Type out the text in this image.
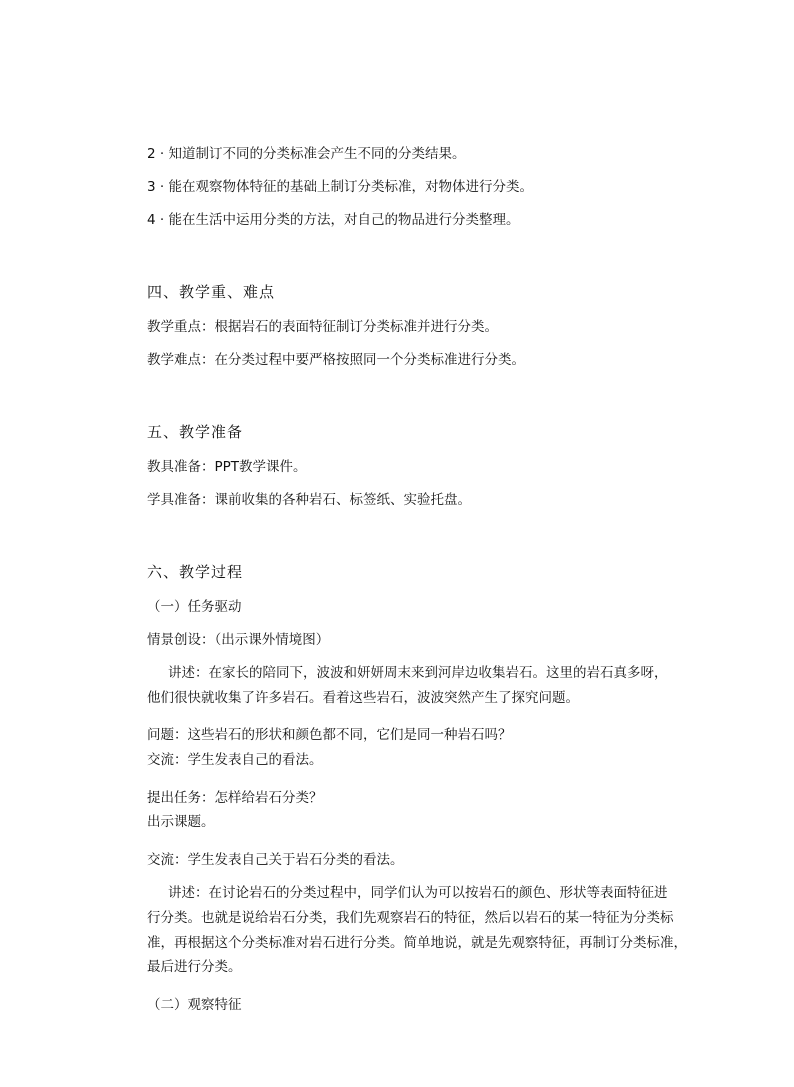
2 · 知道制订不同的分类标准会产生不同的分类结果。

3 · 能在观察物体特征的基础上制订分类标准，对物体进行分类。

4 · 能在生活中运用分类的方法，对自己的物品进行分类整理。

四、教学重、难点

教学重点：根据岩石的表面特征制订分类标准并进行分类。

教学难点：在分类过程中要严格按照同一个分类标准进行分类。

五、教学准备

教具准备：PPT教学课件。

学具准备：课前收集的各种岩石、标签纸、实验托盘。

六、教学过程

（一）任务驱动

情景创设：（出示课外情境图）

讲述：在家长的陪同下，波波和妍妍周末来到河岸边收集岩石。这里的岩石真多呀，

他们很快就收集了许多岩石。看着这些岩石，波波突然产生了探究问题。

问题：这些岩石的形状和颜色都不同，它们是同一种岩石吗？

交流：学生发表自己的看法。

提出任务：怎样给岩石分类？

出示课题。

交流：学生发表自己关于岩石分类的看法。

讲述：在讨论岩石的分类过程中，同学们认为可以按岩石的颜色、形状等表面特征进

行分类。也就是说给岩石分类，我们先观察岩石的特征，然后以岩石的某一特征为分类标

准，再根据这个分类标准对岩石进行分类。简单地说，就是先观察特征，再制订分类标准，

最后进行分类。

（二）观察特征
